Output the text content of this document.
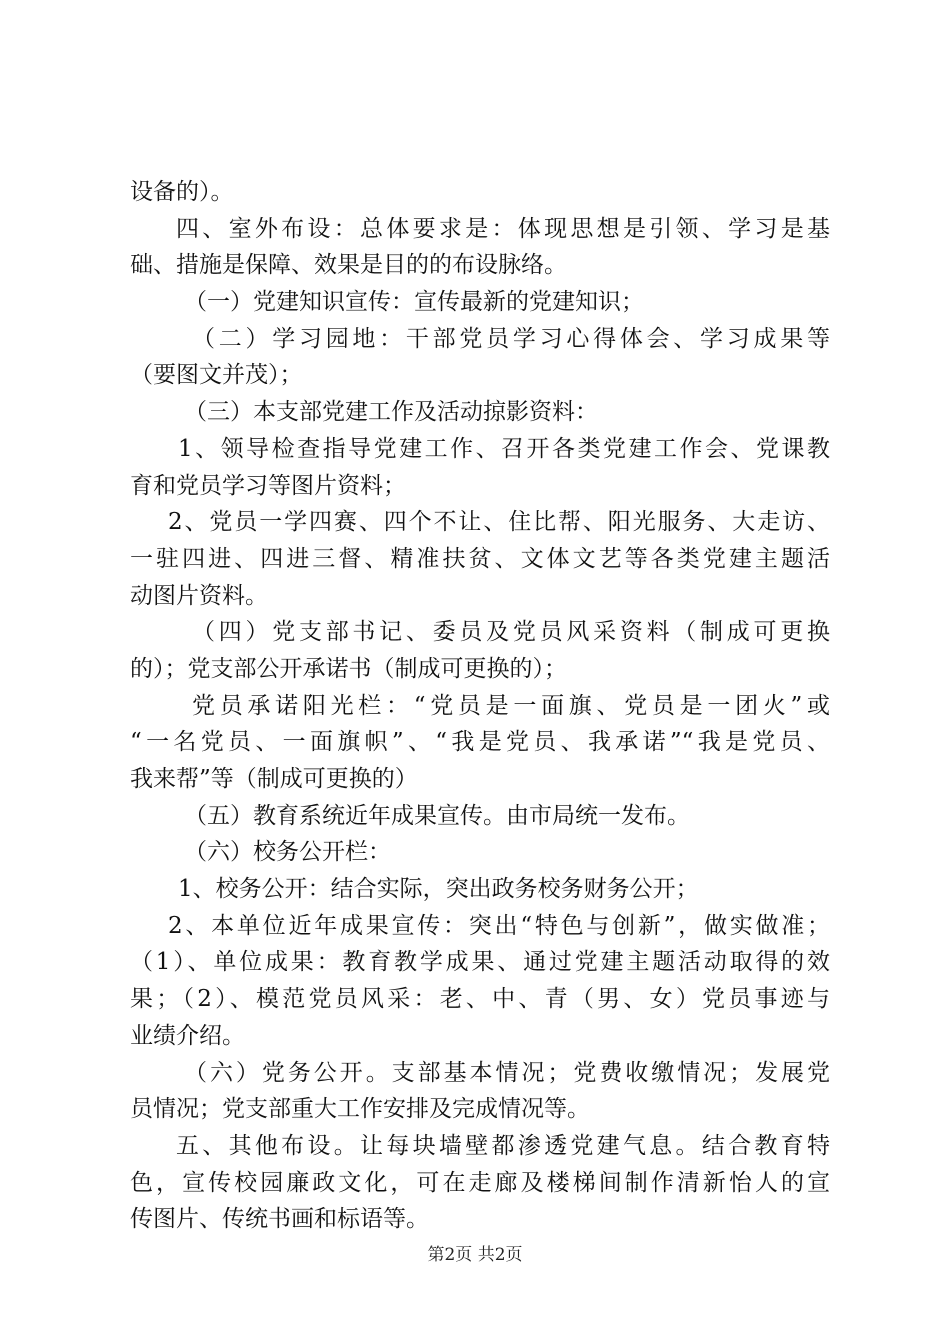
设备的）。
四、室外布设：总体要求是：体现思想是引领、学习是基
础、措施是保障、效果是目的的布设脉络。
（一）党建知识宣传：宣传最新的党建知识；
（二）学习园地：干部党员学习心得体会、学习成果等
（要图文并茂）；
（三）本支部党建工作及活动掠影资料：
1、领导检查指导党建工作、召开各类党建工作会、党课教
育和党员学习等图片资料；
2、党员一学四赛、四个不让、住比帮、阳光服务、大走访、
一驻四进、四进三督、精准扶贫、文体文艺等各类党建主题活
动图片资料。
（四）党支部书记、委员及党员风采资料（制成可更换
的）；党支部公开承诺书（制成可更换的）；
党员承诺阳光栏：“党员是一面旗、党员是一团火”或
“一名党员、一面旗帜”、“我是党员、我承诺”“我是党员、
我来帮”等（制成可更换的）
（五）教育系统近年成果宣传。由市局统一发布。
（六）校务公开栏：
1、校务公开：结合实际，突出政务校务财务公开；
2、本单位近年成果宣传：突出“特色与创新”，做实做准；
（1）、单位成果：教育教学成果、通过党建主题活动取得的效
果；（2）、模范党员风采：老、中、青（男、女）党员事迹与
业绩介绍。
（六）党务公开。支部基本情况；党费收缴情况；发展党
员情况；党支部重大工作安排及完成情况等。
五、其他布设。让每块墙壁都渗透党建气息。结合教育特
色，宣传校园廉政文化，可在走廊及楼梯间制作清新怡人的宣
传图片、传统书画和标语等。
第2页 共2页
